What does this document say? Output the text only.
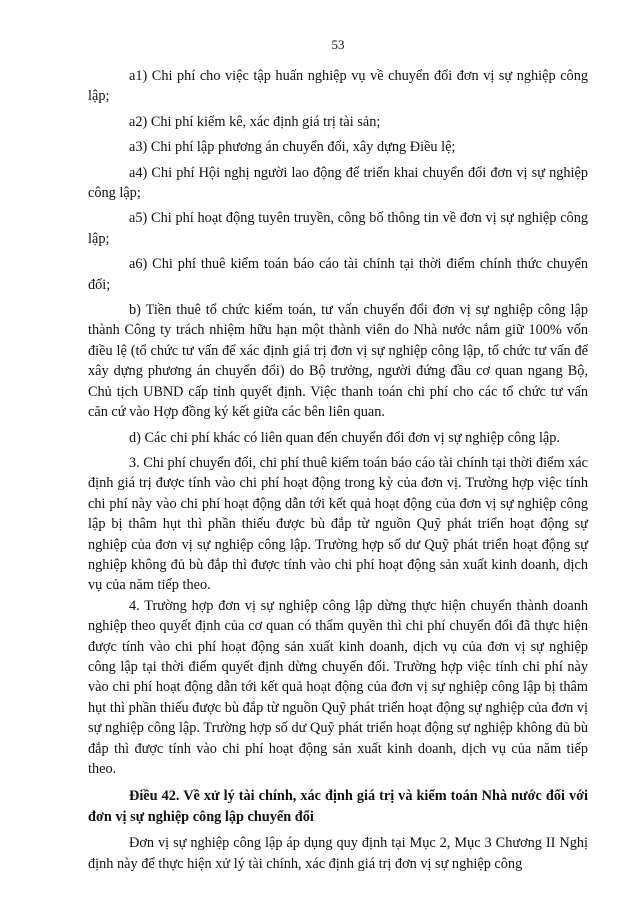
53

a1) Chi phí cho việc tập huấn nghiệp vụ về chuyển đổi đơn vị sự nghiệp công lập;

a2) Chi phí kiểm kê, xác định giá trị tài sản;

a3) Chi phí lập phương án chuyển đổi, xây dựng Điều lệ;

a4) Chi phí Hội nghị người lao động để triển khai chuyển đổi đơn vị sự nghiệp công lập;

a5) Chi phí hoạt động tuyên truyền, công bố thông tin về đơn vị sự nghiệp công lập;

a6) Chi phí thuê kiểm toán báo cáo tài chính tại thời điểm chính thức chuyển đổi;

b) Tiền thuê tổ chức kiểm toán, tư vấn chuyển đổi đơn vị sự nghiệp công lập thành Công ty trách nhiệm hữu hạn một thành viên do Nhà nước nắm giữ 100% vốn điều lệ (tổ chức tư vấn để xác định giá trị đơn vị sự nghiệp công lập, tổ chức tư vấn để xây dựng phương án chuyển đổi) do Bộ trưởng, người đứng đầu cơ quan ngang Bộ, Chủ tịch UBND cấp tỉnh quyết định. Việc thanh toán chi phí cho các tổ chức tư vấn căn cứ vào Hợp đồng ký kết giữa các bên liên quan.

d) Các chi phí khác có liên quan đến chuyển đổi đơn vị sự nghiệp công lập.

3. Chi phí chuyển đổi, chi phí thuê kiểm toán báo cáo tài chính tại thời điểm xác định giá trị được tính vào chi phí hoạt động trong kỳ của đơn vị. Trường hợp việc tính chi phí này vào chi phí hoạt động dẫn tới kết quả hoạt động của đơn vị sự nghiệp công lập bị thâm hụt thì phần thiếu được bù đắp từ nguồn Quỹ phát triển hoạt động sự nghiệp của đơn vị sự nghiệp công lập. Trường hợp số dư Quỹ phát triển hoạt động sự nghiệp không đủ bù đắp thì được tính vào chi phí hoạt động sản xuất kinh doanh, dịch vụ của năm tiếp theo.

4. Trường hợp đơn vị sự nghiệp công lập dừng thực hiện chuyển thành doanh nghiệp theo quyết định của cơ quan có thẩm quyền thì chi phí chuyển đổi đã thực hiện được tính vào chi phí hoạt động sản xuất kinh doanh, dịch vụ của đơn vị sự nghiệp công lập tại thời điểm quyết định dừng chuyển đổi. Trường hợp việc tính chi phí này vào chi phí hoạt động dẫn tới kết quả hoạt động của đơn vị sự nghiệp công lập bị thâm hụt thì phần thiếu được bù đắp từ nguồn Quỹ phát triển hoạt động sự nghiệp của đơn vị sự nghiệp công lập. Trường hợp số dư Quỹ phát triển hoạt động sự nghiệp không đủ bù đắp thì được tính vào chi phí hoạt động sản xuất kinh doanh, dịch vụ của năm tiếp theo.

Điều 42. Về xử lý tài chính, xác định giá trị và kiểm toán Nhà nước đối với đơn vị sự nghiệp công lập chuyển đổi

Đơn vị sự nghiệp công lập áp dụng quy định tại Mục 2, Mục 3 Chương II Nghị định này để thực hiện xử lý tài chính, xác định giá trị đơn vị sự nghiệp công
